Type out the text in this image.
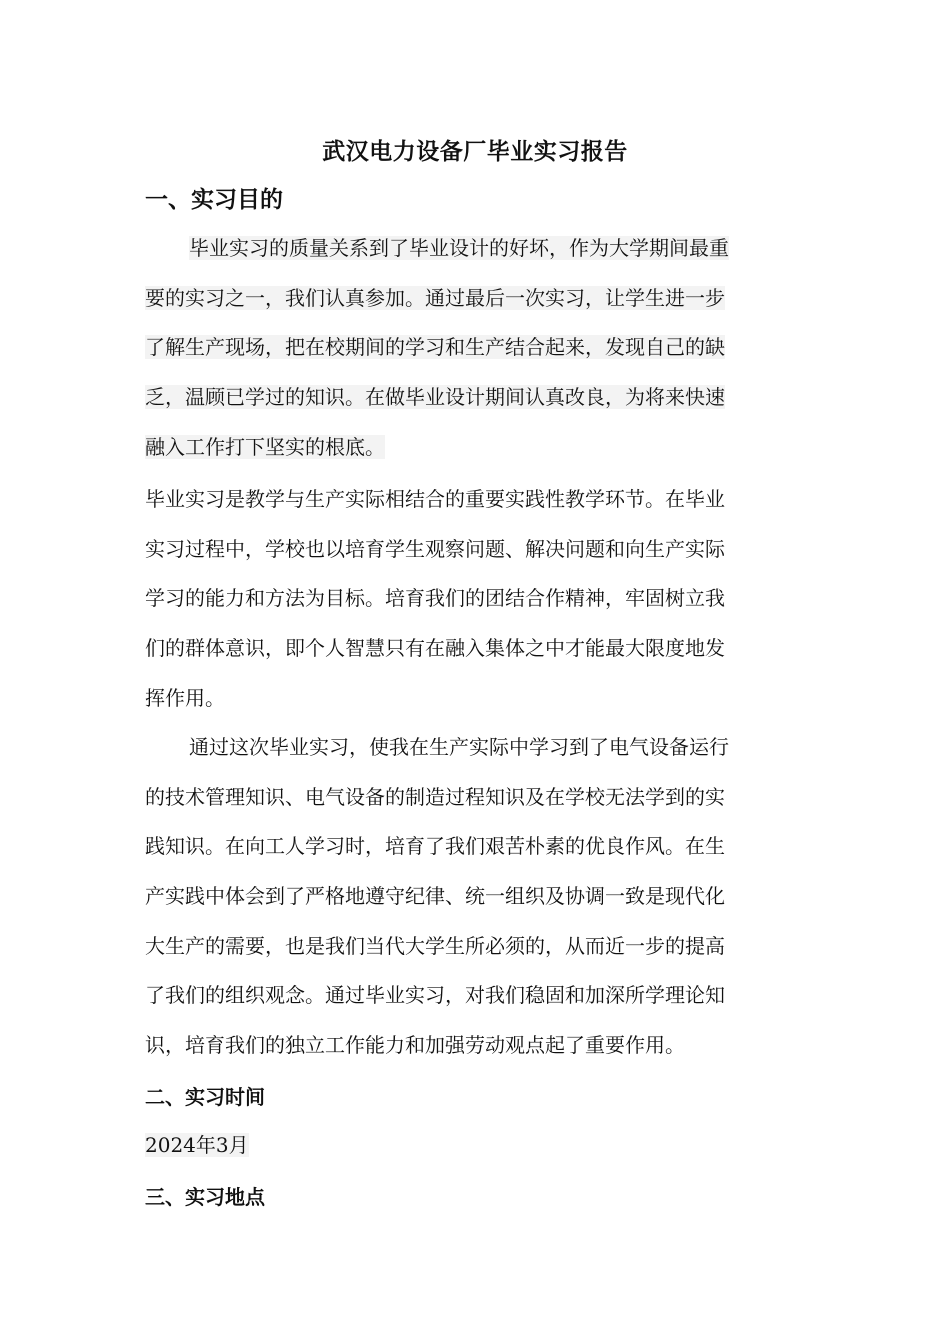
武汉电力设备厂毕业实习报告
一、实习目的
毕业实习的质量关系到了毕业设计的好坏，作为大学期间最重
要的实习之一，我们认真参加。通过最后一次实习，让学生进一步
了解生产现场，把在校期间的学习和生产结合起来，发现自己的缺
乏，温顾已学过的知识。在做毕业设计期间认真改良，为将来快速
融入工作打下坚实的根底。
毕业实习是教学与生产实际相结合的重要实践性教学环节。在毕业
实习过程中，学校也以培育学生观察问题、解决问题和向生产实际
学习的能力和方法为目标。培育我们的团结合作精神，牢固树立我
们的群体意识，即个人智慧只有在融入集体之中才能最大限度地发
挥作用。
通过这次毕业实习，使我在生产实际中学习到了电气设备运行
的技术管理知识、电气设备的制造过程知识及在学校无法学到的实
践知识。在向工人学习时，培育了我们艰苦朴素的优良作风。在生
产实践中体会到了严格地遵守纪律、统一组织及协调一致是现代化
大生产的需要，也是我们当代大学生所必须的，从而近一步的提高
了我们的组织观念。通过毕业实习，对我们稳固和加深所学理论知
识，培育我们的独立工作能力和加强劳动观点起了重要作用。
二、实习时间
2024年3月
三、实习地点
